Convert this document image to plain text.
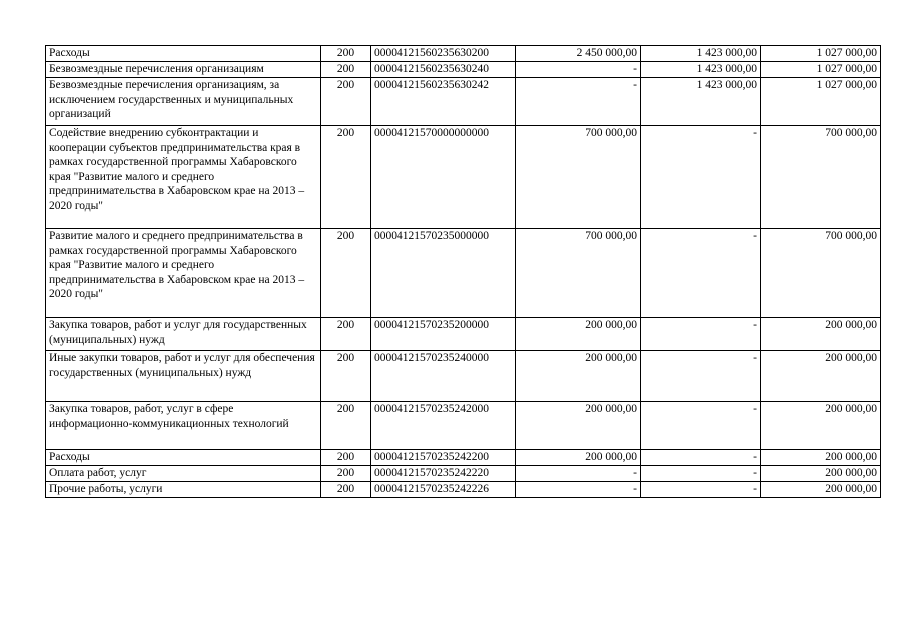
Расходы	200	00004121560235630200	2 450 000,00	1 423 000,00	1 027 000,00
Безвозмездные перечисления организациям	200	00004121560235630240	-	1 423 000,00	1 027 000,00
Безвозмездные перечисления организациям, за исключением государственных и муниципальных организаций	200	00004121560235630242	-	1 423 000,00	1 027 000,00
Содействие внедрению субконтрактации и кооперации субъектов предпринимательства края в рамках государственной программы Хабаровского края "Развитие малого и среднего предпринимательства в Хабаровском крае на 2013 – 2020 годы"	200	00004121570000000000	700 000,00	-	700 000,00
Развитие малого и среднего предпринимательства в рамках государственной программы Хабаровского края "Развитие малого и среднего предпринимательства в Хабаровском крае на 2013 – 2020 годы"	200	00004121570235000000	700 000,00	-	700 000,00
Закупка товаров, работ и услуг для государственных (муниципальных) нужд	200	00004121570235200000	200 000,00	-	200 000,00
Иные закупки товаров, работ и услуг для обеспечения государственных (муниципальных) нужд	200	00004121570235240000	200 000,00	-	200 000,00
Закупка товаров, работ, услуг в сфере информационно-коммуникационных технологий	200	00004121570235242000	200 000,00	-	200 000,00
Расходы	200	00004121570235242200	200 000,00	-	200 000,00
Оплата работ, услуг	200	00004121570235242220	-	-	200 000,00
Прочие работы, услуги	200	00004121570235242226	-	-	200 000,00
